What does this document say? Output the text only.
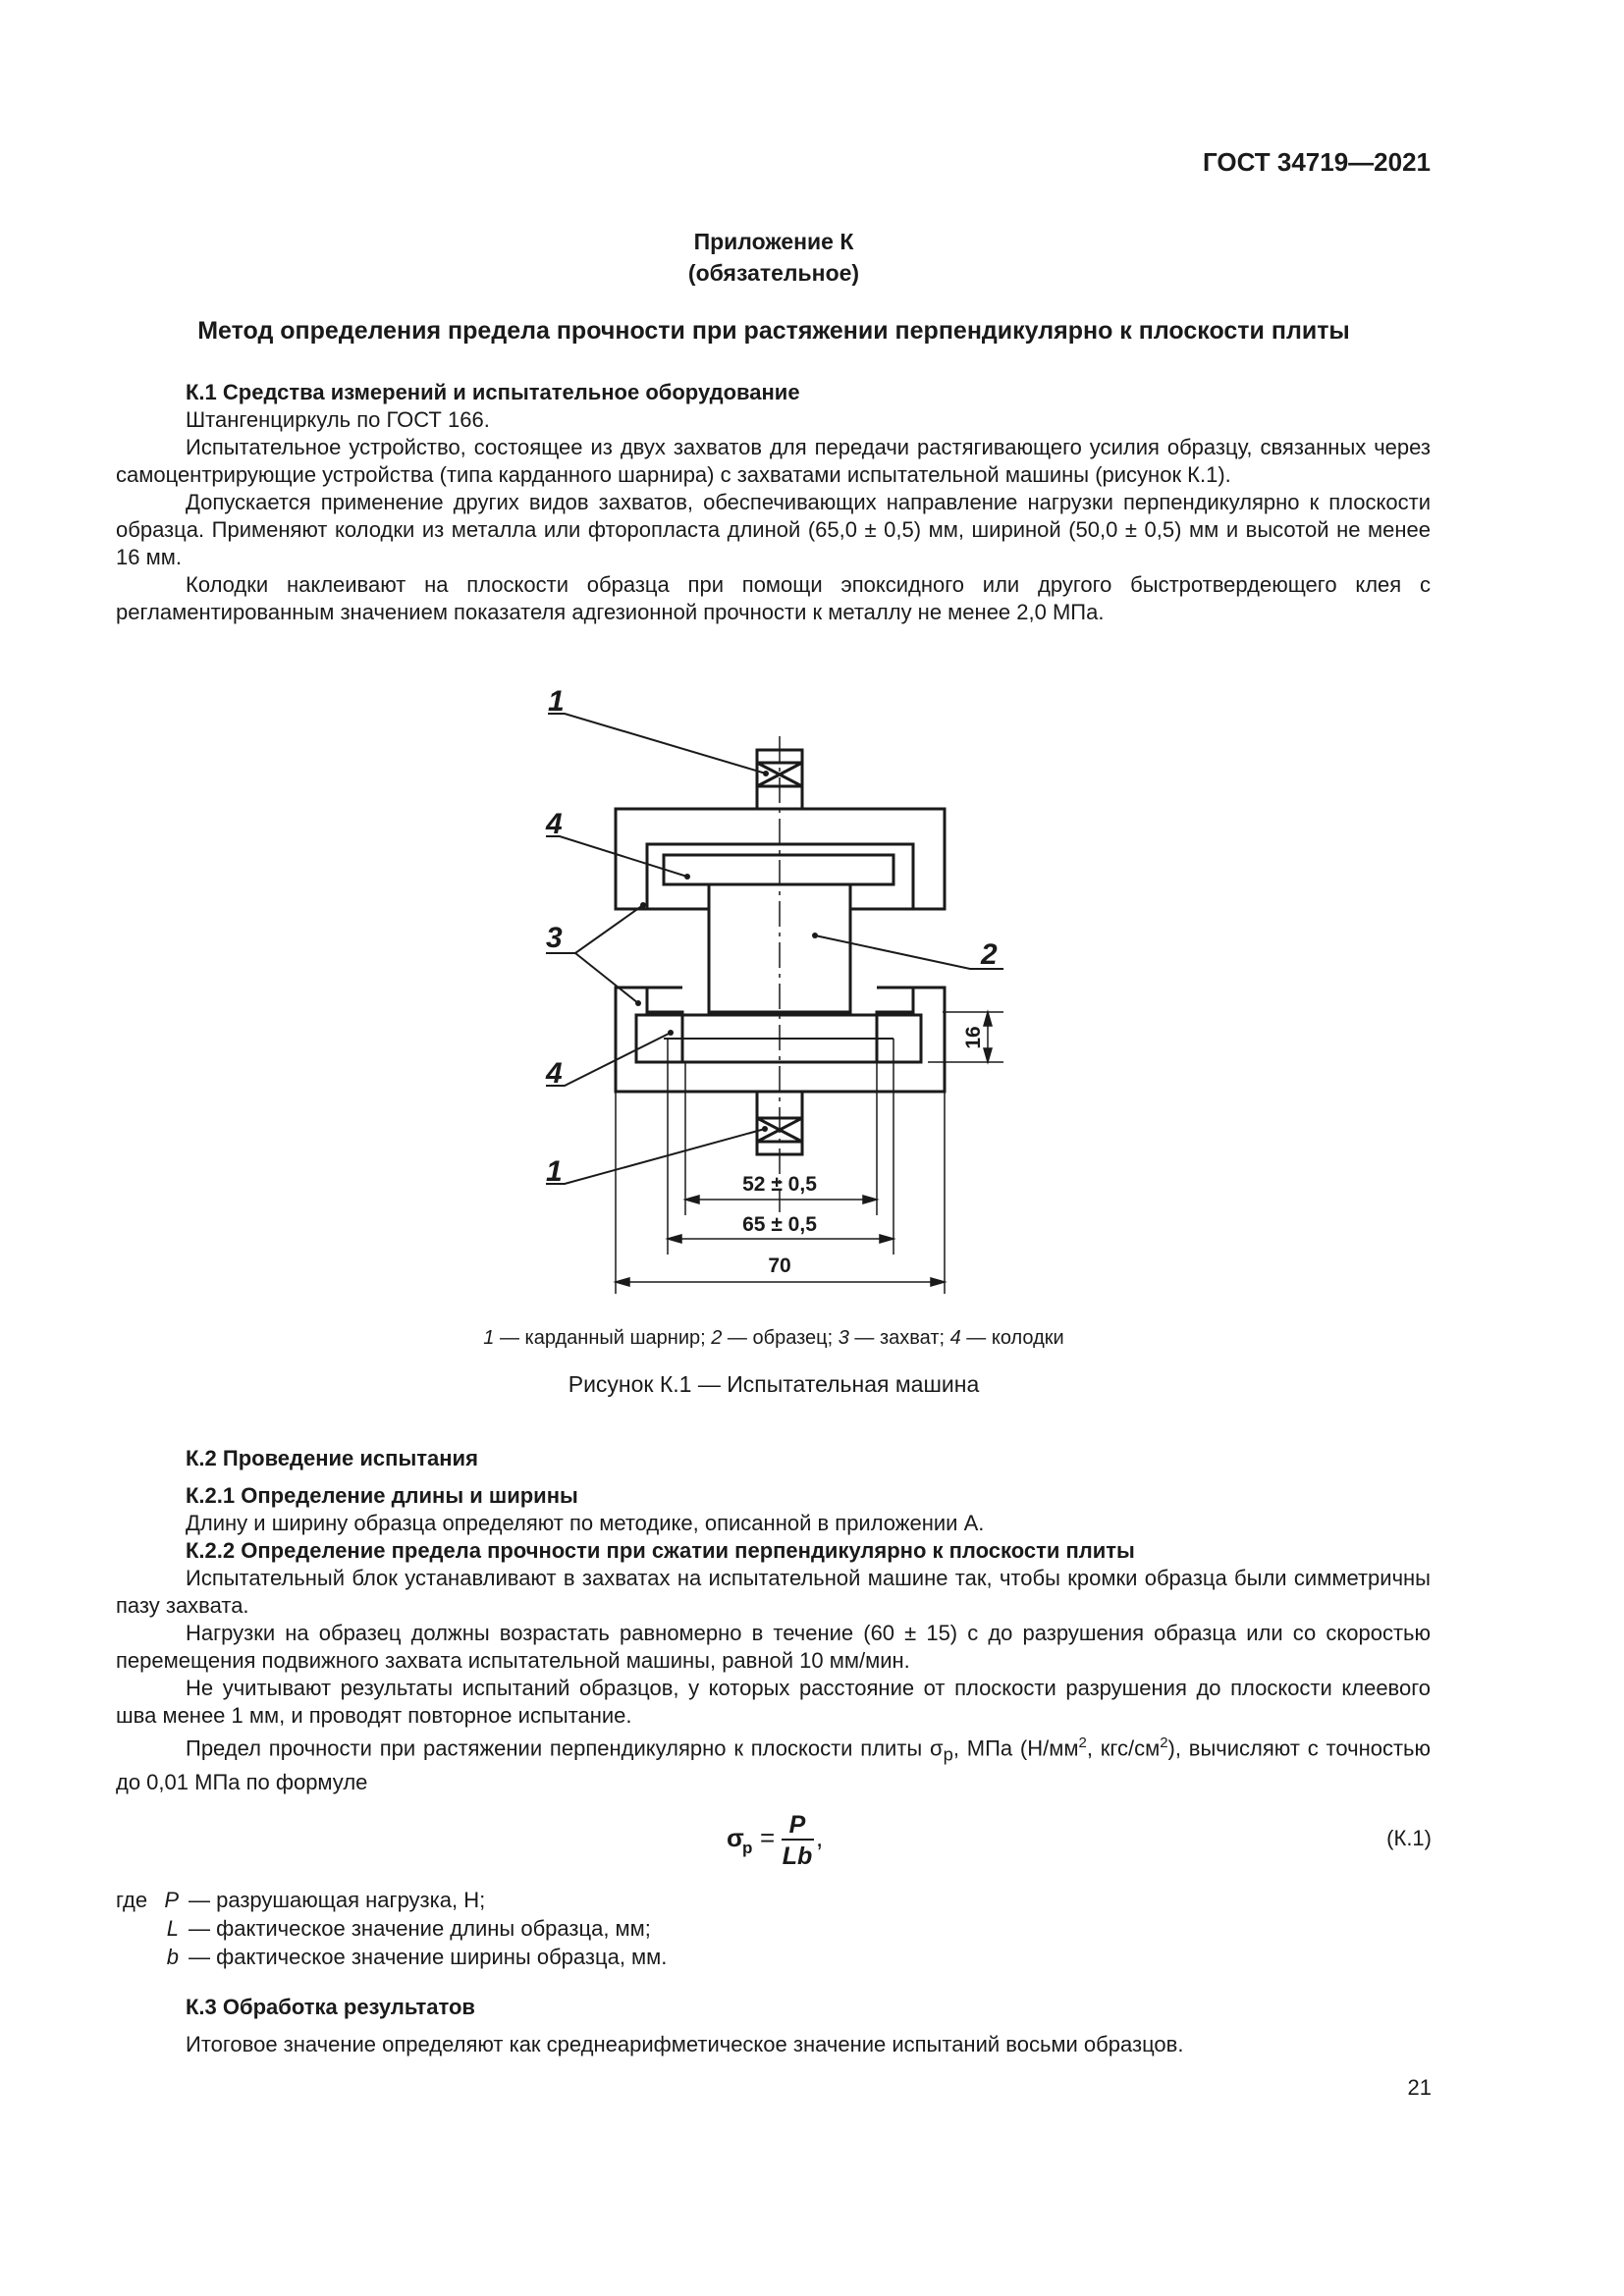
ГОСТ 34719—2021
Приложение К
(обязательное)
Метод определения предела прочности при растяжении перпендикулярно к плоскости плиты

К.1 Средства измерений и испытательное оборудование

Штангенциркуль по ГОСТ 166.

Испытательное устройство, состоящее из двух захватов для передачи растягивающего усилия образцу, связанных через самоцентрирующие устройства (типа карданного шарнира) с захватами испытательной машины (рисунок К.1).

Допускается применение других видов захватов, обеспечивающих направление нагрузки перпендикулярно к плоскости образца. Применяют колодки из металла или фторопласта длиной (65,0 ± 0,5) мм, шириной (50,0 ± 0,5) мм и высотой не менее 16 мм.

Колодки наклеивают на плоскости образца при помощи эпоксидного или другого быстротвердеющего клея с регламентированным значением показателя адгезионной прочности к металлу не менее 2,0 МПа.

1
4
3
2
4
1	52 ± 0,5
65 ± 0,5
70
16
1 — карданный шарнир; 2 — образец; 3 — захват; 4 — колодки
Рисунок К.1 — Испытательная машина

К.2 Проведение испытания

К.2.1 Определение длины и ширины

Длину и ширину образца определяют по методике, описанной в приложении А.

К.2.2 Определение предела прочности при сжатии перпендикулярно к плоскости плиты

Испытательный блок устанавливают в захватах на испытательной машине так, чтобы кромки образца были симметричны пазу захвата.

Нагрузки на образец должны возрастать равномерно в течение (60 ± 15) с до разрушения образца или со скоростью перемещения подвижного захвата испытательной машины, равной 10 мм/мин.

Не учитывают результаты испытаний образцов, у которых расстояние от плоскости разрушения до плоскости клеевого шва менее 1 мм, и проводят повторное испытание.

Предел прочности при растяжении перпендикулярно к плоскости плиты $\sigma_р$, МПа ($Н/мм^2$, кгс/$см^2$), вычисляют с точностью до 0,01 МПа по формуле

σ
р = P
Lb
,	(К.1)
где P — разрушающая нагрузка, Н;
L — фактическое значение длины образца, мм;
b — фактическое значение ширины образца, мм.

К.3 Обработка результатов

Итоговое значение определяют как среднеарифметическое значение испытаний восьми образцов.

21
